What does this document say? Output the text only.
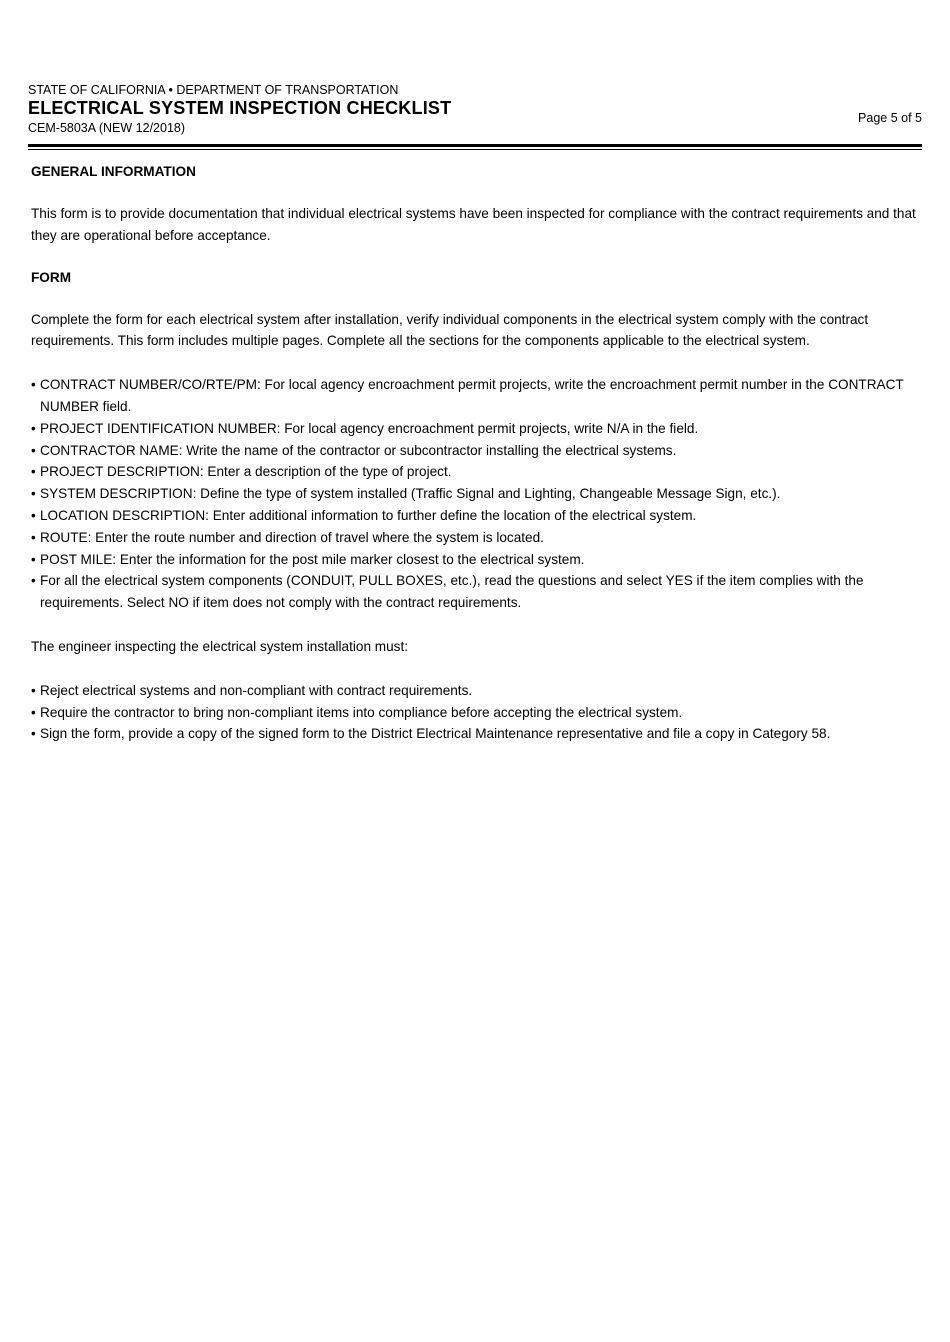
STATE OF CALIFORNIA • DEPARTMENT OF TRANSPORTATION
ELECTRICAL SYSTEM INSPECTION CHECKLIST
CEM-5803A (NEW 12/2018)
Page 5 of 5
GENERAL INFORMATION
This form is to provide documentation that individual electrical systems have been inspected for compliance with the contract requirements and that they are operational before acceptance.
FORM
Complete the form for each electrical system after installation, verify individual components in the electrical system comply with the contract requirements. This form includes multiple pages. Complete all the sections for the components applicable to the electrical system.
• CONTRACT NUMBER/CO/RTE/PM: For local agency encroachment permit projects, write the encroachment permit number in the CONTRACT NUMBER field.
• PROJECT IDENTIFICATION NUMBER: For local agency encroachment permit projects, write N/A in the field.
• CONTRACTOR NAME: Write the name of the contractor or subcontractor installing the electrical systems.
• PROJECT DESCRIPTION: Enter a description of the type of project.
• SYSTEM DESCRIPTION: Define the type of system installed (Traffic Signal and Lighting, Changeable Message Sign, etc.).
• LOCATION DESCRIPTION: Enter additional information to further define the location of the electrical system.
• ROUTE: Enter the route number and direction of travel where the system is located.
• POST MILE: Enter the information for the post mile marker closest to the electrical system.
• For all the electrical system components (CONDUIT, PULL BOXES, etc.), read the questions and select YES if the item complies with the requirements. Select NO if item does not comply with the contract requirements.
The engineer inspecting the electrical system installation must:
• Reject electrical systems and non-compliant with contract requirements.
• Require the contractor to bring non-compliant items into compliance before accepting the electrical system.
• Sign the form, provide a copy of the signed form to the District Electrical Maintenance representative and file a copy in Category 58.
